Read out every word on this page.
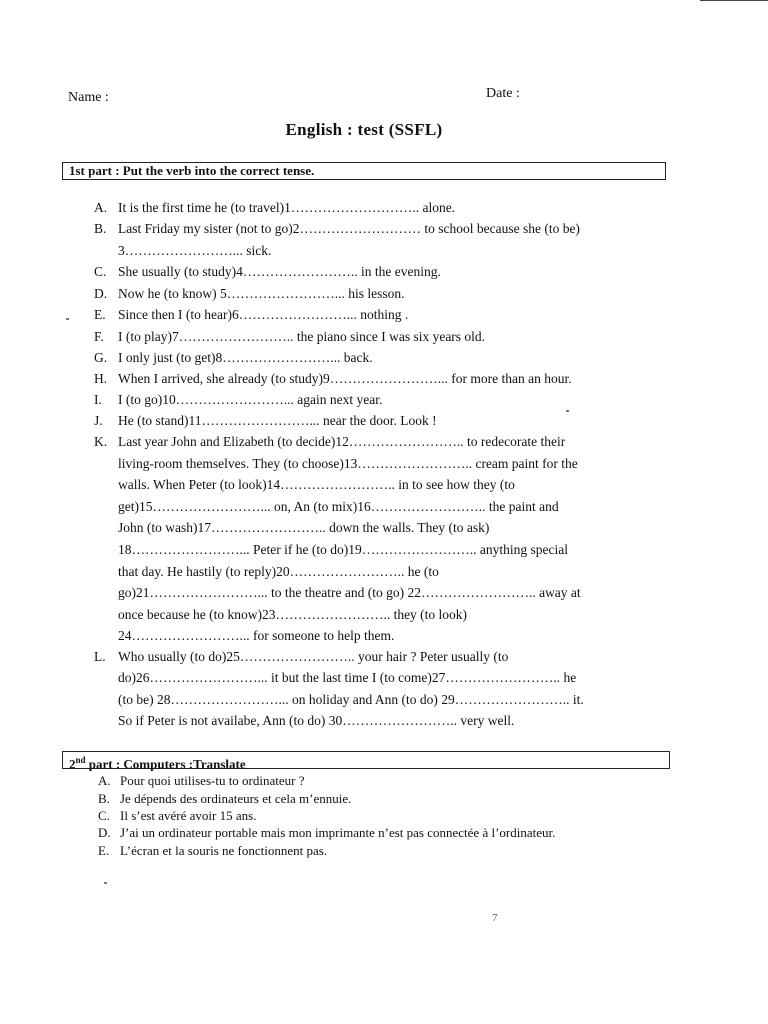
Name :	Date :
English : test (SSFL)
1st part : Put the verb into the correct tense.
A. It is the first time he (to travel)1……………………….. alone.
B. Last Friday my sister (not to go)2……………………… to school because she (to be)
3……………………... sick.
C. She usually (to study)4…………………….. in the evening.
D. Now he (to know) 5……………………... his lesson.
E. Since then I (to hear)6……………………... nothing .
F. I (to play)7…………………….. the piano since I was six years old.
G. I only just (to get)8……………………... back.
H. When I arrived, she already (to study)9……………………... for more than an hour.
I. I (to go)10……………………... again next year.
J. He (to stand)11……………………... near the door. Look !
K. Last year John and Elizabeth (to decide)12…………………….. to redecorate their
living-room themselves. They (to choose)13…………………….. cream paint for the
walls. When Peter (to look)14…………………….. in to see how they (to
get)15……………………... on, An (to mix)16…………………….. the paint and
John (to wash)17…………………….. down the walls. They (to ask)
18……………………... Peter if he (to do)19…………………….. anything special
that day. He hastily (to reply)20…………………….. he (to
go)21……………………... to the theatre and (to go) 22…………………….. away at
once because he (to know)23…………………….. they (to look)
24……………………... for someone to help them.
L. Who usually (to do)25…………………….. your hair ? Peter usually (to
do)26……………………... it but the last time I (to come)27…………………….. he
(to be) 28……………………... on holiday and Ann (to do) 29…………………….. it.
So if Peter is not availabe, Ann (to do) 30…………………….. very well.
2nd part : Computers :Translate
A. Pour quoi utilises-tu to ordinateur ?
B. Je dépends des ordinateurs et cela m’ennuie.
C. Il s’est avéré avoir 15 ans.
D. J’ai un ordinateur portable mais mon imprimante n’est pas connectée à l’ordinateur.
E. L’écran et la souris ne fonctionnent pas.
7
